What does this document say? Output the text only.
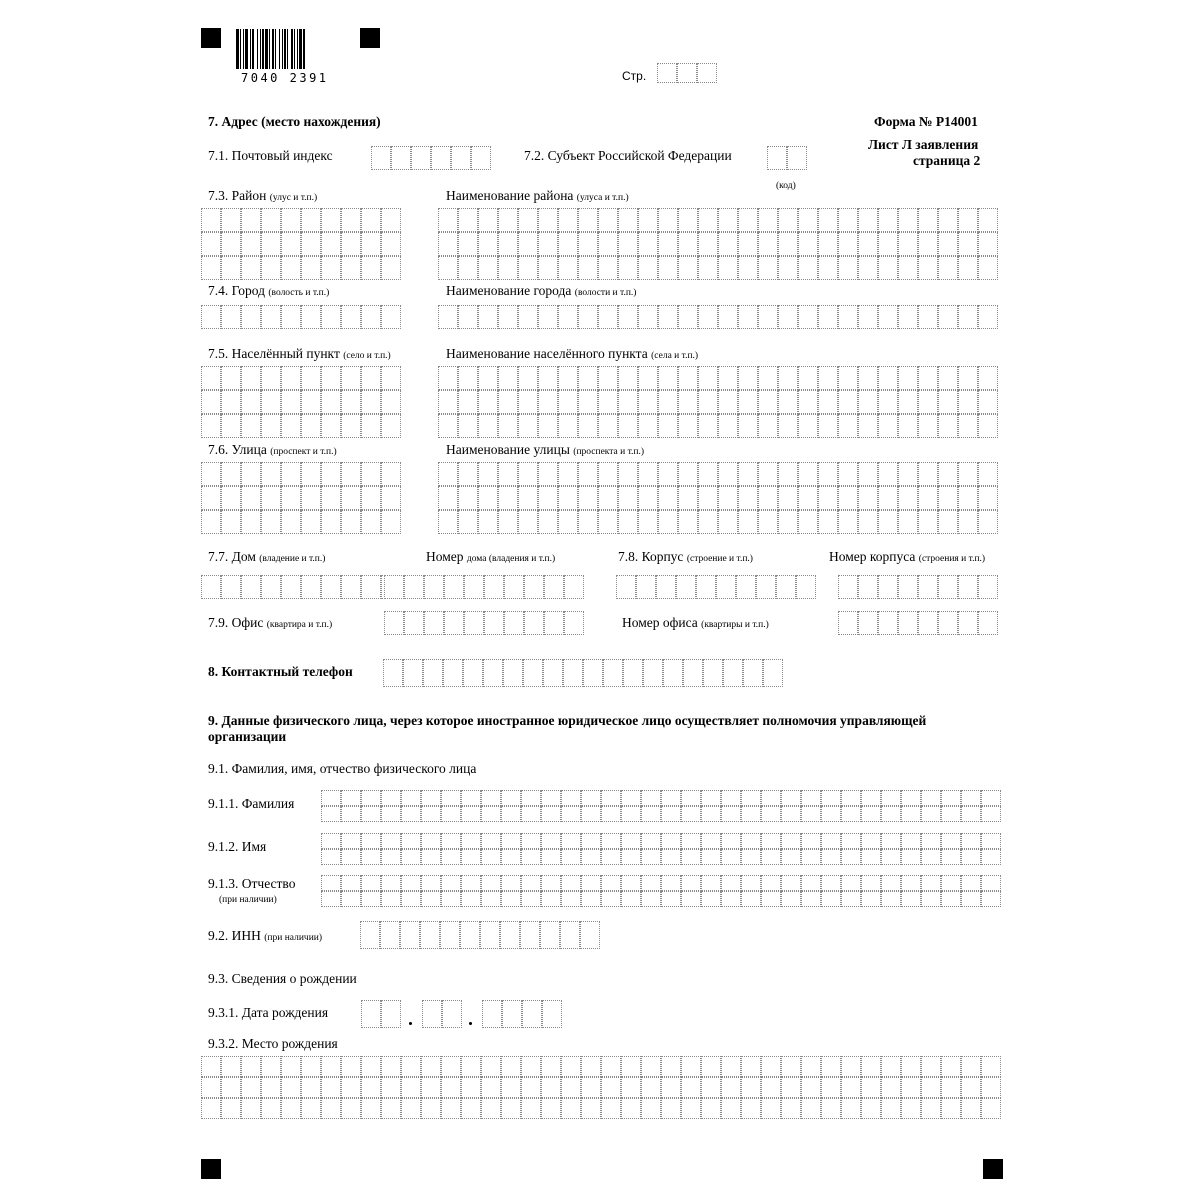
7040 2391	Стр.
Форма № Р14001
Лист Л заявления
страница 2
7. Адрес (место нахождения)
7.1. Почтовый индекс	7.2. Субъект Российской Федерации
(код)
7.3. Район (улус и т.п.)	Наименование района (улуса и т.п.)
7.4. Город (волость и т.п.)	Наименование города (волости и т.п.)
7.5. Населённый пункт (село и т.п.)	Наименование населённого пункта (села и т.п.)
7.6. Улица (проспект и т.п.)	Наименование улицы (проспекта и т.п.)
7.7. Дом (владение и т.п.)	Номер дома (владения и т.п.)	7.8. Корпус (строение и т.п.)	Номер корпуса (строения и т.п.)
7.9. Офис (квартира и т.п.)	Номер офиса (квартиры и т.п.)
8. Контактный телефон
9. Данные физического лица, через которое иностранное юридическое лицо осуществляет полномочия управляющей
организации
9.1. Фамилия, имя, отчество физического лица
9.1.1. Фамилия
9.1.2. Имя
9.1.3. Отчество
(при наличии)
9.2. ИНН (при наличии)
9.3. Сведения о рождении
9.3.1. Дата рождения
9.3.2. Место рождения
